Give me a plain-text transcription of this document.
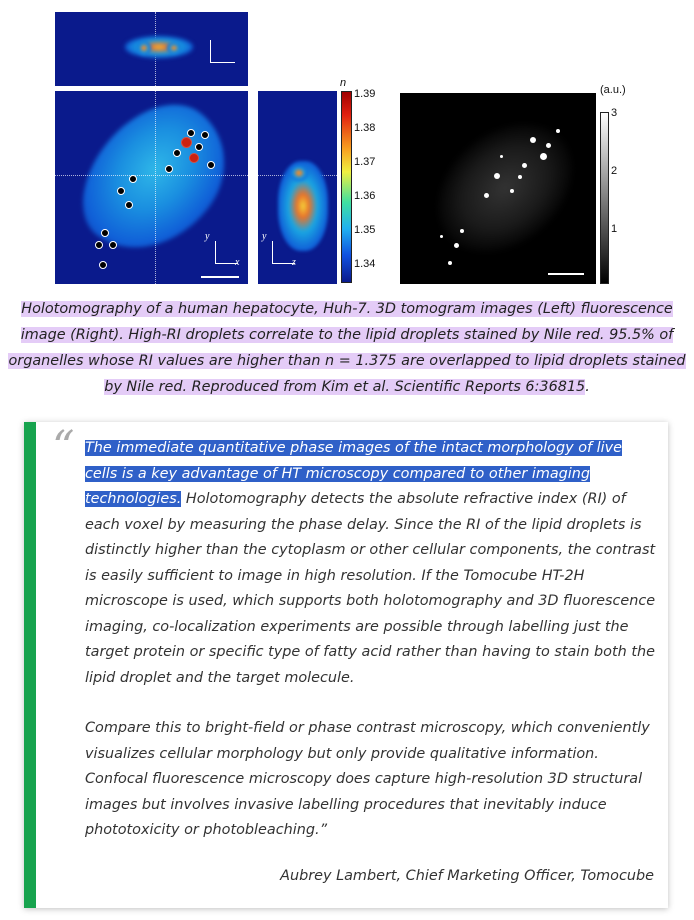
z
x
y
x
y
z
n
1.39
1.38
1.37
1.36
1.35
1.34
(a.u.)
3
2
1
Holotomography of a human hepatocyte, Huh-7. 3D tomogram images (Left) fluorescence image (Right). High-RI droplets correlate to the lipid droplets stained by Nile red. 95.5% of organelles whose RI values are higher than n = 1.375 are overlapped to lipid droplets stained by Nile red. Reproduced from Kim et al. Scientific Reports 6:36815.
“ The immediate quantitative phase images of the intact morphology of live cells is a key advantage of HT microscopy compared to other imaging technologies. Holotomography detects the absolute refractive index (RI) of each voxel by measuring the phase delay. Since the RI of the lipid droplets is distinctly higher than the cytoplasm or other cellular components, the contrast is easily sufficient to image in high resolution. If the Tomocube HT-2H microscope is used, which supports both holotomography and 3D fluorescence imaging, co-localization experiments are possible through labelling just the target protein or specific type of fatty acid rather than having to stain both the lipid droplet and the target molecule.

Compare this to bright-field or phase contrast microscopy, which conveniently visualizes cellular morphology but only provide qualitative information. Confocal fluorescence microscopy does capture high-resolution 3D structural images but involves invasive labelling procedures that inevitably induce phototoxicity or photobleaching.”

Aubrey Lambert, Chief Marketing Officer, Tomocube
